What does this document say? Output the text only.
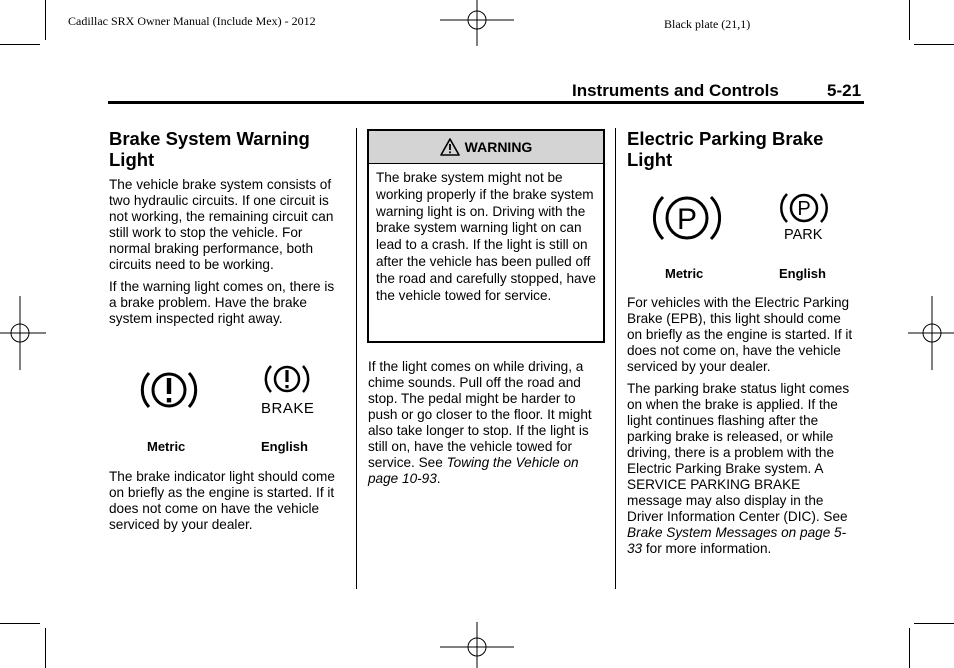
Cadillac SRX Owner Manual (Include Mex) - 2012	Black plate (21,1)
Instruments and Controls	5-21
Brake System Warning Light

The vehicle brake system consists of two hydraulic circuits. If one circuit is not working, the remaining circuit can still work to stop the vehicle. For normal braking performance, both circuits need to be working.

If the warning light comes on, there is a brake problem. Have the brake system inspected right away.

BRAKE
Metric	English

The brake indicator light should come on briefly as the engine is started. If it does not come on have the vehicle serviced by your dealer.

WARNING
The brake system might not be working properly if the brake system warning light is on. Driving with the brake system warning light on can lead to a crash. If the light is still on after the vehicle has been pulled off the road and carefully stopped, have the vehicle towed for service.

If the light comes on while driving, a chime sounds. Pull off the road and stop. The pedal might be harder to push or go closer to the floor. It might also take longer to stop. If the light is still on, have the vehicle towed for service. See Towing the Vehicle on page 10-93.

Electric Parking Brake Light
P	P
PARK
Metric	English

For vehicles with the Electric Parking Brake (EPB), this light should come on briefly as the engine is started. If it does not come on, have the vehicle serviced by your dealer.

The parking brake status light comes on when the brake is applied. If the light continues flashing after the parking brake is released, or while driving, there is a problem with the Electric Parking Brake system. A SERVICE PARKING BRAKE message may also display in the Driver Information Center (DIC). See Brake System Messages on page 5-33 for more information.
